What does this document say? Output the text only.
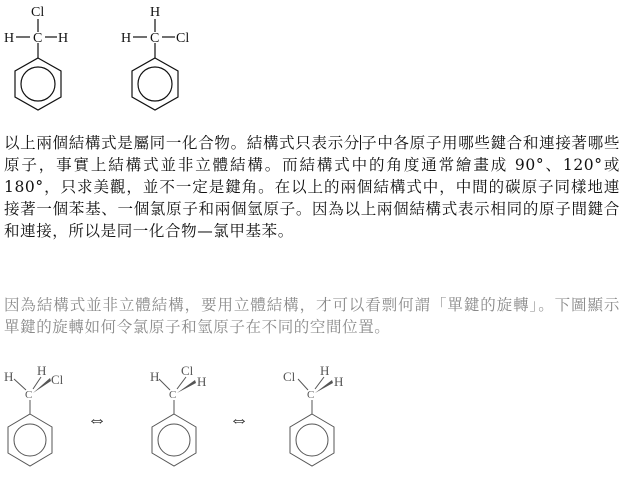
Cl
H C H
H
H C Cl

以上兩個結構式是屬同一化合物。結構式只表示分子中各原子用哪些鍵合和連接著哪些原子，事實上結構式並非立體結構。而結構式中的角度通常繪畫成 90°、120°或 180°，只求美觀，並不一定是鍵角。在以上的兩個結構式中，中間的碳原子同樣地連接著一個苯基、一個氯原子和兩個氫原子。因為以上兩個結構式表示相同的原子間鍵合和連接，所以是同一化合物—氯甲基苯。

因為結構式並非立體結構，要用立體結構，才可以看剽何謂「單鍵的旋轉」。下圖顯示單鍵的旋轉如何令氯原子和氫原子在不同的空間位置。

H H
Cl
C
⇔
H Cl
H
C
⇔
Cl H
H
C
